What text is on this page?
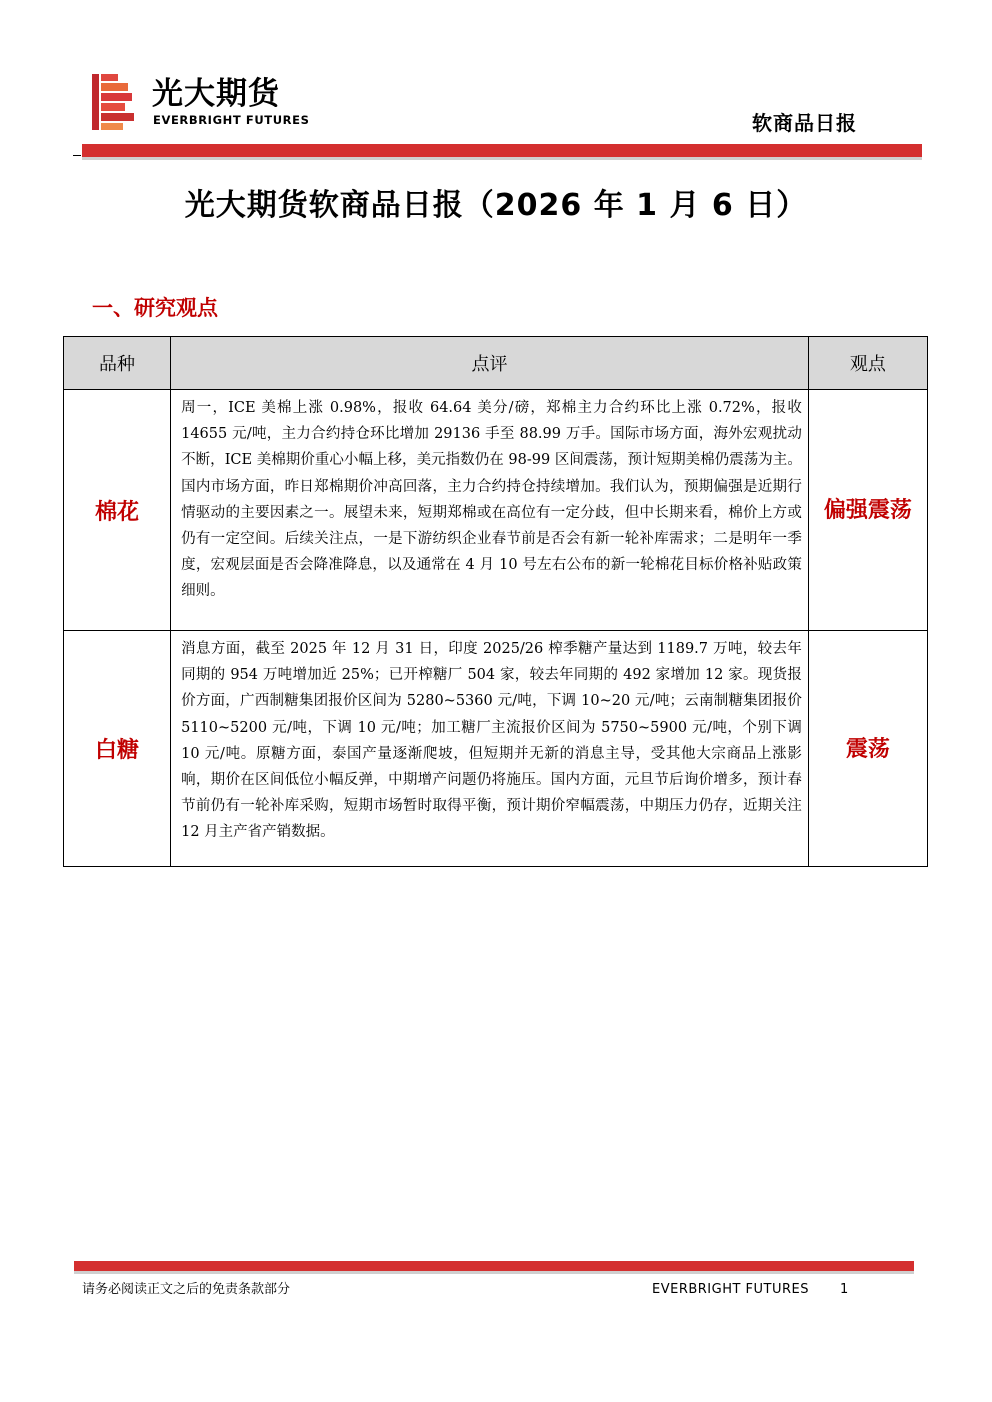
光大期货
EVERBRIGHT FUTURES	软商品日报
光大期货软商品日报（2026 年 1 月 6 日）
一、研究观点
品种	点评	观点
棉花	周一，ICE 美棉上涨 0.98%，报收 64.64 美分/磅，郑棉主力合约环比上涨 0.72%，报收 14655 元/吨，主力合约持仓环比增加 29136 手至 88.99 万手。国际市场方面，海外宏观扰动不断，ICE 美棉期价重心小幅上移，美元指数仍在 98-99 区间震荡，预计短期美棉仍震荡为主。国内市场方面，昨日郑棉期价冲高回落，主力合约持仓持续增加。我们认为，预期偏强是近期行情驱动的主要因素之一。展望未来，短期郑棉或在高位有一定分歧，但中长期来看，棉价上方或仍有一定空间。后续关注点，一是下游纺织企业春节前是否会有新一轮补库需求；二是明年一季度，宏观层面是否会降准降息，以及通常在 4 月 10 号左右公布的新一轮棉花目标价格补贴政策细则。	偏强震荡
白糖	消息方面，截至 2025 年 12 月 31 日，印度 2025/26 榨季糖产量达到 1189.7 万吨，较去年同期的 954 万吨增加近 25%；已开榨糖厂 504 家，较去年同期的 492 家增加 12 家。现货报价方面，广西制糖集团报价区间为 5280~5360 元/吨，下调 10~20 元/吨；云南制糖集团报价 5110~5200 元/吨，下调 10 元/吨；加工糖厂主流报价区间为 5750~5900 元/吨，个别下调 10 元/吨。原糖方面，泰国产量逐渐爬坡，但短期并无新的消息主导，受其他大宗商品上涨影响，期价在区间低位小幅反弹，中期增产问题仍将施压。国内方面，元旦节后询价增多，预计春节前仍有一轮补库采购，短期市场暂时取得平衡，预计期价窄幅震荡，中期压力仍存，近期关注 12 月主产省产销数据。	震荡
请务必阅读正文之后的免责条款部分	EVERBRIGHT FUTURES 1
